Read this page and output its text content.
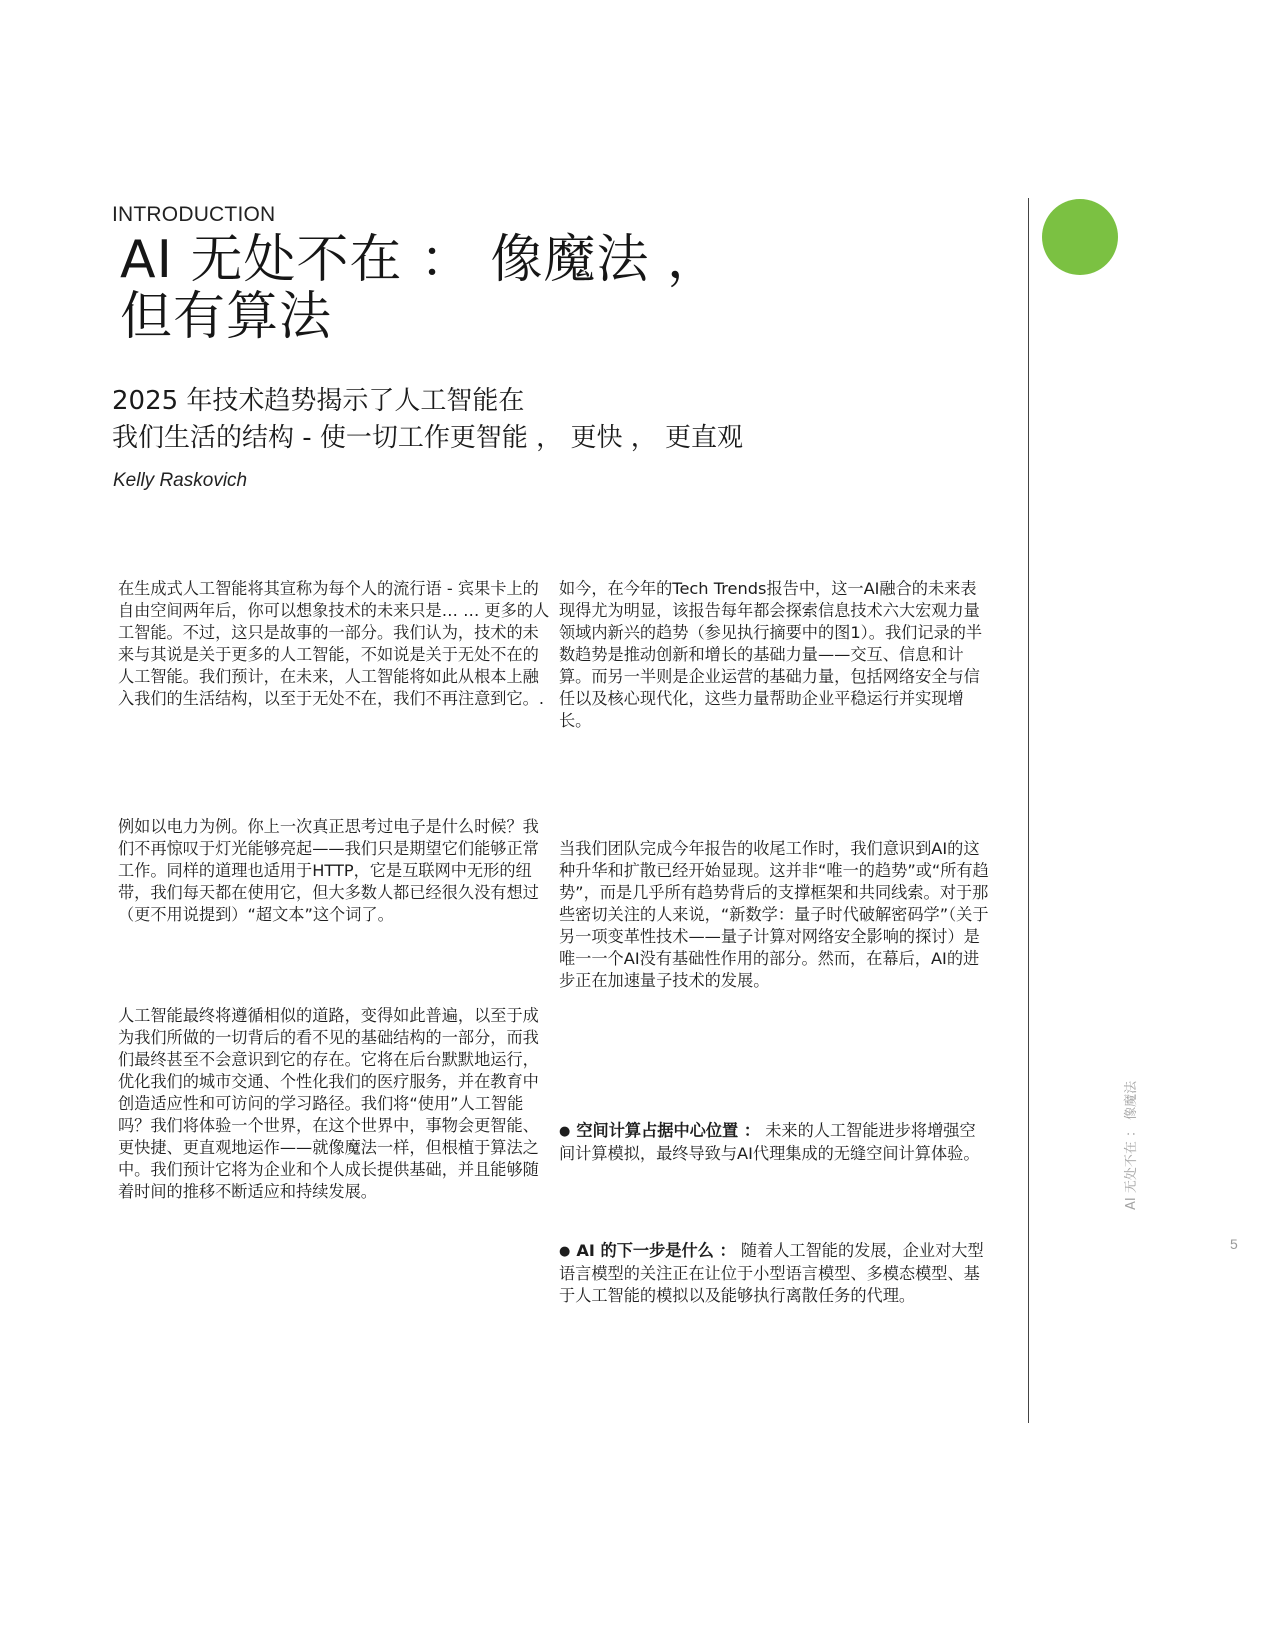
INTRODUCTION
AI 无处不在 ： 像魔法 ，
但有算法
2025 年技术趋势揭示了人工智能在
我们生活的结构 - 使一切工作更智能 ， 更快 ， 更直观
Kelly Raskovich

在生成式人工智能将其宣称为每个人的流行语 - 宾果卡上的自由空间两年后，你可以想象技术的未来只是… … 更多的人工智能。不过，这只是故事的一部分。我们认为，技术的未来与其说是关于更多的人工智能，不如说是关于无处不在的人工智能。我们预计，在未来，人工智能将如此从根本上融入我们的生活结构，以至于无处不在，我们不再注意到它。.

例如以电力为例。你上一次真正思考过电子是什么时候？我们不再惊叹于灯光能够亮起——我们只是期望它们能够正常工作。同样的道理也适用于HTTP，它是互联网中无形的纽带，我们每天都在使用它，但大多数人都已经很久没有想过（更不用说提到）“超文本”这个词了。

人工智能最终将遵循相似的道路，变得如此普遍，以至于成为我们所做的一切背后的看不见的基础结构的一部分，而我们最终甚至不会意识到它的存在。它将在后台默默地运行，优化我们的城市交通、个性化我们的医疗服务，并在教育中创造适应性和可访问的学习路径。我们将“使用”人工智能吗？我们将体验一个世界，在这个世界中，事物会更智能、更快捷、更直观地运作——就像魔法一样，但根植于算法之中。我们预计它将为企业和个人成长提供基础，并且能够随着时间的推移不断适应和持续发展。

如今，在今年的Tech Trends报告中，这一AI融合的未来表现得尤为明显，该报告每年都会探索信息技术六大宏观力量领域内新兴的趋势（参见执行摘要中的图1）。我们记录的半数趋势是推动创新和增长的基础力量——交互、信息和计算。而另一半则是企业运营的基础力量，包括网络安全与信任以及核心现代化，这些力量帮助企业平稳运行并实现增长。

当我们团队完成今年报告的收尾工作时，我们意识到AI的这种升华和扩散已经开始显现。这并非“唯一的趋势”或“所有趋势”，而是几乎所有趋势背后的支撑框架和共同线索。对于那些密切关注的人来说，“新数学：量子时代破解密码学”（关于另一项变革性技术——量子计算对网络安全影响的探讨）是唯一一个AI没有基础性作用的部分。然而，在幕后，AI的进步正在加速量子技术的发展。

● 空间计算占据中心位置 ： 未来的人工智能进步将增强空间计算模拟，最终导致与AI代理集成的无缝空间计算体验。

● AI 的下一步是什么 ： 随着人工智能的发展，企业对大型语言模型的关注正在让位于小型语言模型、多模态模型、基于人工智能的模拟以及能够执行离散任务的代理。

AI 无处不在 ： 像魔法
5
